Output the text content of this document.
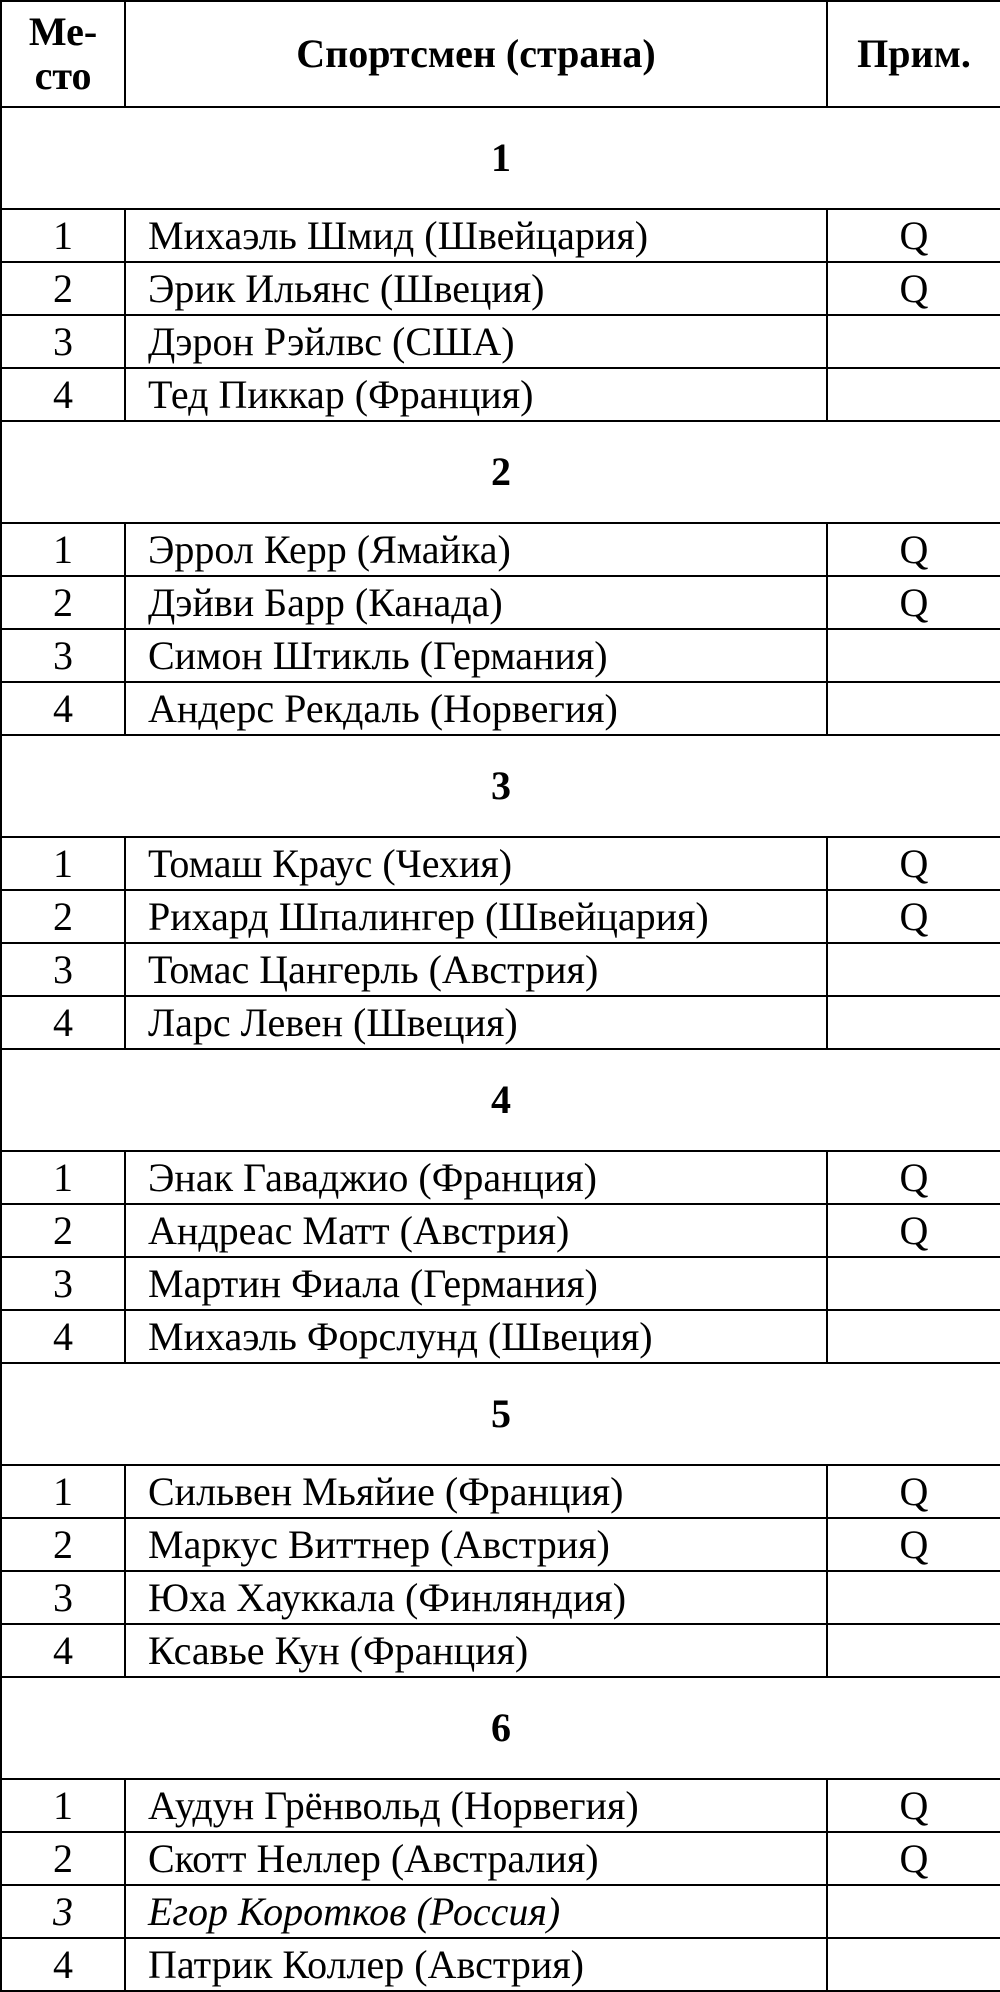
Ме-
сто	Спортсмен (страна)	Прим.
1		
1	Михаэль Шмид (Швейцария)	Q
2	Эрик Ильянс (Швеция)	Q
3	Дэрон Рэйлвс (США)	
4	Тед Пиккар (Франция)	
2		
1	Эррол Керр (Ямайка)	Q
2	Дэйви Барр (Канада)	Q
3	Симон Штикль (Германия)	
4	Андерс Рекдаль (Норвегия)	
3		
1	Томаш Краус (Чехия)	Q
2	Рихард Шпалингер (Швейцария)	Q
3	Томас Цангерль (Австрия)	
4	Ларс Левен (Швеция)	
4		
1	Энак Гаваджио (Франция)	Q
2	Андреас Матт (Австрия)	Q
3	Мартин Фиала (Германия)	
4	Михаэль Форслунд (Швеция)	
5		
1	Сильвен Мьяйие (Франция)	Q
2	Маркус Виттнер (Австрия)	Q
3	Юха Хауккала (Финляндия)	
4	Ксавье Кун (Франция)	
6		
1	Аудун Грёнвольд (Норвегия)	Q
2	Скотт Неллер (Австралия)	Q
3	Егор Коротков (Россия)	
4	Патрик Коллер (Австрия)	
